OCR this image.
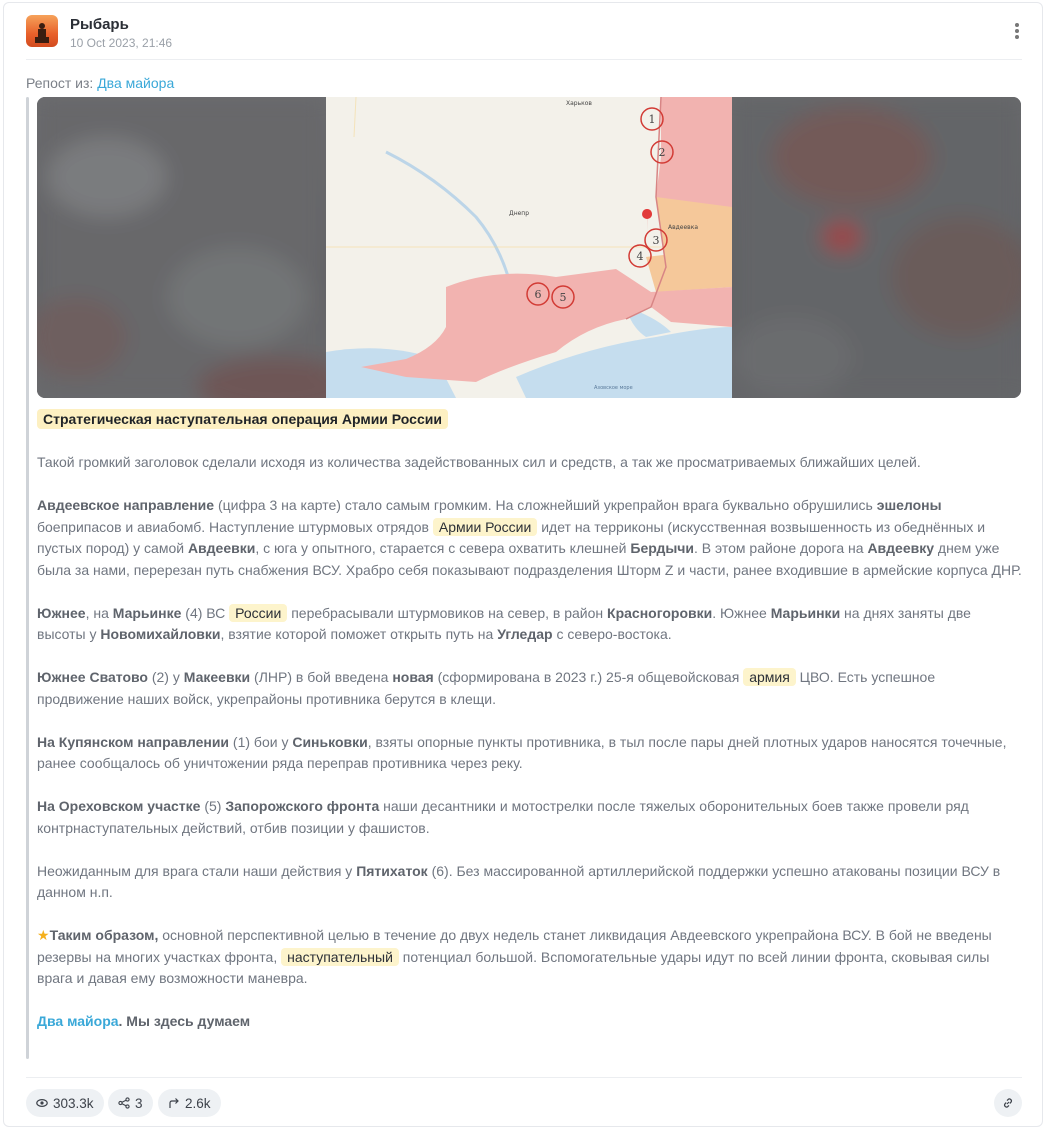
Рыбарь
10 Oct 2023, 21:46
Репост из: Два майора
Харьков
Днепр
Авдеевка
Азовское море
1
2
3
4
5
6

Стратегическая наступательная операция Армии России

Такой громкий заголовок сделали исходя из количества задействованных сил и средств, а так же просматриваемых ближайших целей.

Авдеевское направление (цифра 3 на карте) стало самым громким. На сложнейший укрепрайон врага буквально обрушились эшелоны боеприпасов и авиабомб. Наступление штурмовых отрядов Армии России идет на терриконы (искусственная возвышенность из обеднённых и пустых пород) у самой Авдеевки, с юга у опытного, старается с севера охватить клешней Бердычи. В этом районе дорога на Авдеевку днем уже была за нами, перерезан путь снабжения ВСУ. Храбро себя показывают подразделения Шторм Z и части, ранее входившие в армейские корпуса ДНР.

Южнее, на Марьинке (4) ВС России перебрасывали штурмовиков на север, в район Красногоровки. Южнее Марьинки на днях заняты две высоты у Новомихайловки, взятие которой поможет открыть путь на Угледар с северо-востока.

Южнее Сватово (2) у Макеевки (ЛНР) в бой введена новая (сформирована в 2023 г.) 25-я общевойсковая армия ЦВО. Есть успешное продвижение наших войск, укрепрайоны противника берутся в клещи.

На Купянском направлении (1) бои у Синьковки, взяты опорные пункты противника, в тыл после пары дней плотных ударов наносятся точечные, ранее сообщалось об уничтожении ряда переправ противника через реку.

На Ореховском участке (5) Запорожского фронта наши десантники и мотострелки после тяжелых оборонительных боев также провели ряд контрнаступательных действий, отбив позиции у фашистов.

Неожиданным для врага стали наши действия у Пятихаток (6). Без массированной артиллерийской поддержки успешно атакованы позиции ВСУ в данном н.п.

★Таким образом, основной перспективной целью в течение до двух недель станет ликвидация Авдеевского укрепрайона ВСУ. В бой не введены резервы на многих участках фронта, наступательный потенциал большой. Вспомогательные удары идут по всей линии фронта, сковывая силы врага и давая ему возможности маневра.

Два майора. Мы здесь думаем

303.3k	3	2.6k
